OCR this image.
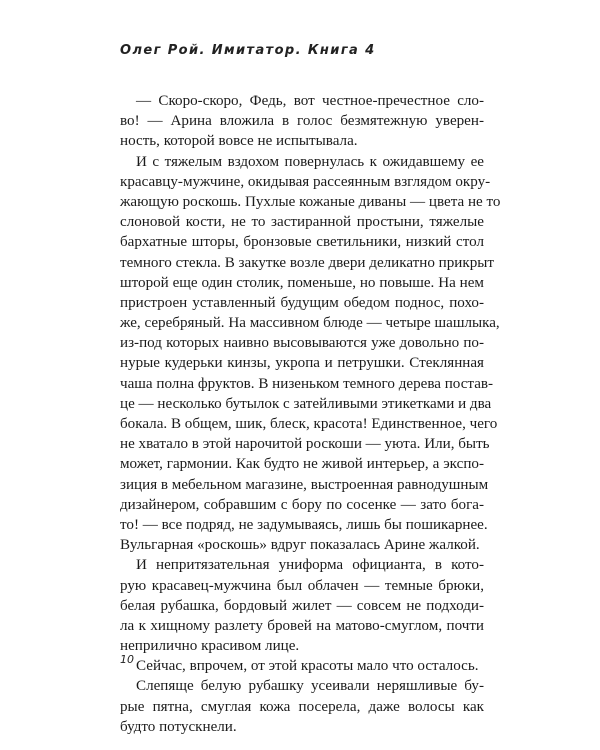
Олег Рой. Имитатор. Книга 4

— Скоро-скоро, Федь, вот честное-пречестное сло-
во! — Арина вложила в голос безмятежную уверен-
ность, которой вовсе не испытывала.
И с тяжелым вздохом повернулась к ожидавшему ее
красавцу-мужчине, окидывая рассеянным взглядом окру-
жающую роскошь. Пухлые кожаные диваны — цвета не то
слоновой кости, не то застиранной простыни, тяжелые
бархатные шторы, бронзовые светильники, низкий стол
темного стекла. В закутке возле двери деликатно прикрыт
шторой еще один столик, поменьше, но повыше. На нем
пристроен уставленный будущим обедом поднос, похо-
же, серебряный. На массивном блюде — четыре шашлыка,
из-под которых наивно высовываются уже довольно по-
нурые кудерьки кинзы, укропа и петрушки. Стеклянная
чаша полна фруктов. В низеньком темного дерева постав-
це — несколько бутылок с затейливыми этикетками и два
бокала. В общем, шик, блеск, красота! Единственное, чего
не хватало в этой нарочитой роскоши — уюта. Или, быть
может, гармонии. Как будто не живой интерьер, а экспо-
зиция в мебельном магазине, выстроенная равнодушным
дизайнером, собравшим с бору по сосенке — зато бога-
то! — все подряд, не задумываясь, лишь бы пошикарнее.
Вульгарная «роскошь» вдруг показалась Арине жалкой.
И непритязательная униформа официанта, в кото-
рую красавец-мужчина был облачен — темные брюки,
белая рубашка, бордовый жилет — совсем не подходи-
ла к хищному разлету бровей на матово-смуглом, почти
неприлично красивом лице.
Сейчас, впрочем, от этой красоты мало что осталось.
Слепяще белую рубашку усеивали неряшливые бу-
рые пятна, смуглая кожа посерела, даже волосы как
будто потускнели.

10
